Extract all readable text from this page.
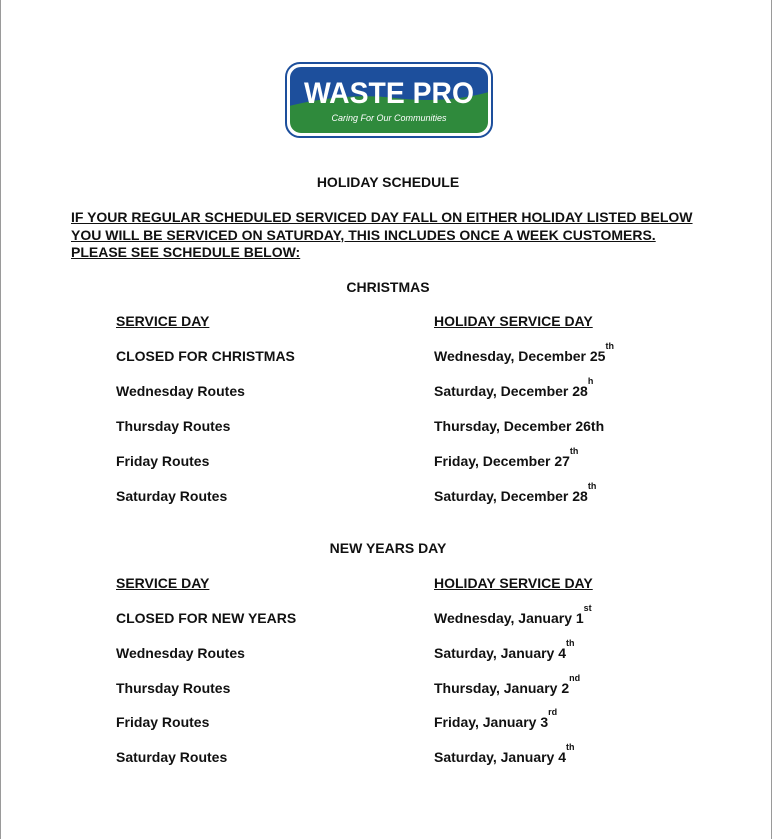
WASTE PRO
Caring For Our Communities
HOLIDAY SCHEDULE
IF YOUR REGULAR SCHEDULED SERVICED DAY FALL ON EITHER HOLIDAY LISTED BELOW YOU WILL BE SERVICED ON SATURDAY, THIS INCLUDES ONCE A WEEK CUSTOMERS. PLEASE SEE SCHEDULE BELOW:
CHRISTMAS
SERVICE DAY	HOLIDAY SERVICE DAY
CLOSED FOR CHRISTMAS	Wednesday, December 25th
Wednesday Routes	Saturday, December 28$^h$
Thursday Routes	Thursday, December 26th
Friday Routes	Friday, December 27th
Saturday Routes	Saturday, December 28th
NEW YEARS DAY
SERVICE DAY	HOLIDAY SERVICE DAY
CLOSED FOR NEW YEARS	Wednesday, January 1st
Wednesday Routes	Saturday, January 4th
Thursday Routes	Thursday, January 2nd
Friday Routes	Friday, January 3rd
Saturday Routes	Saturday, January 4th
